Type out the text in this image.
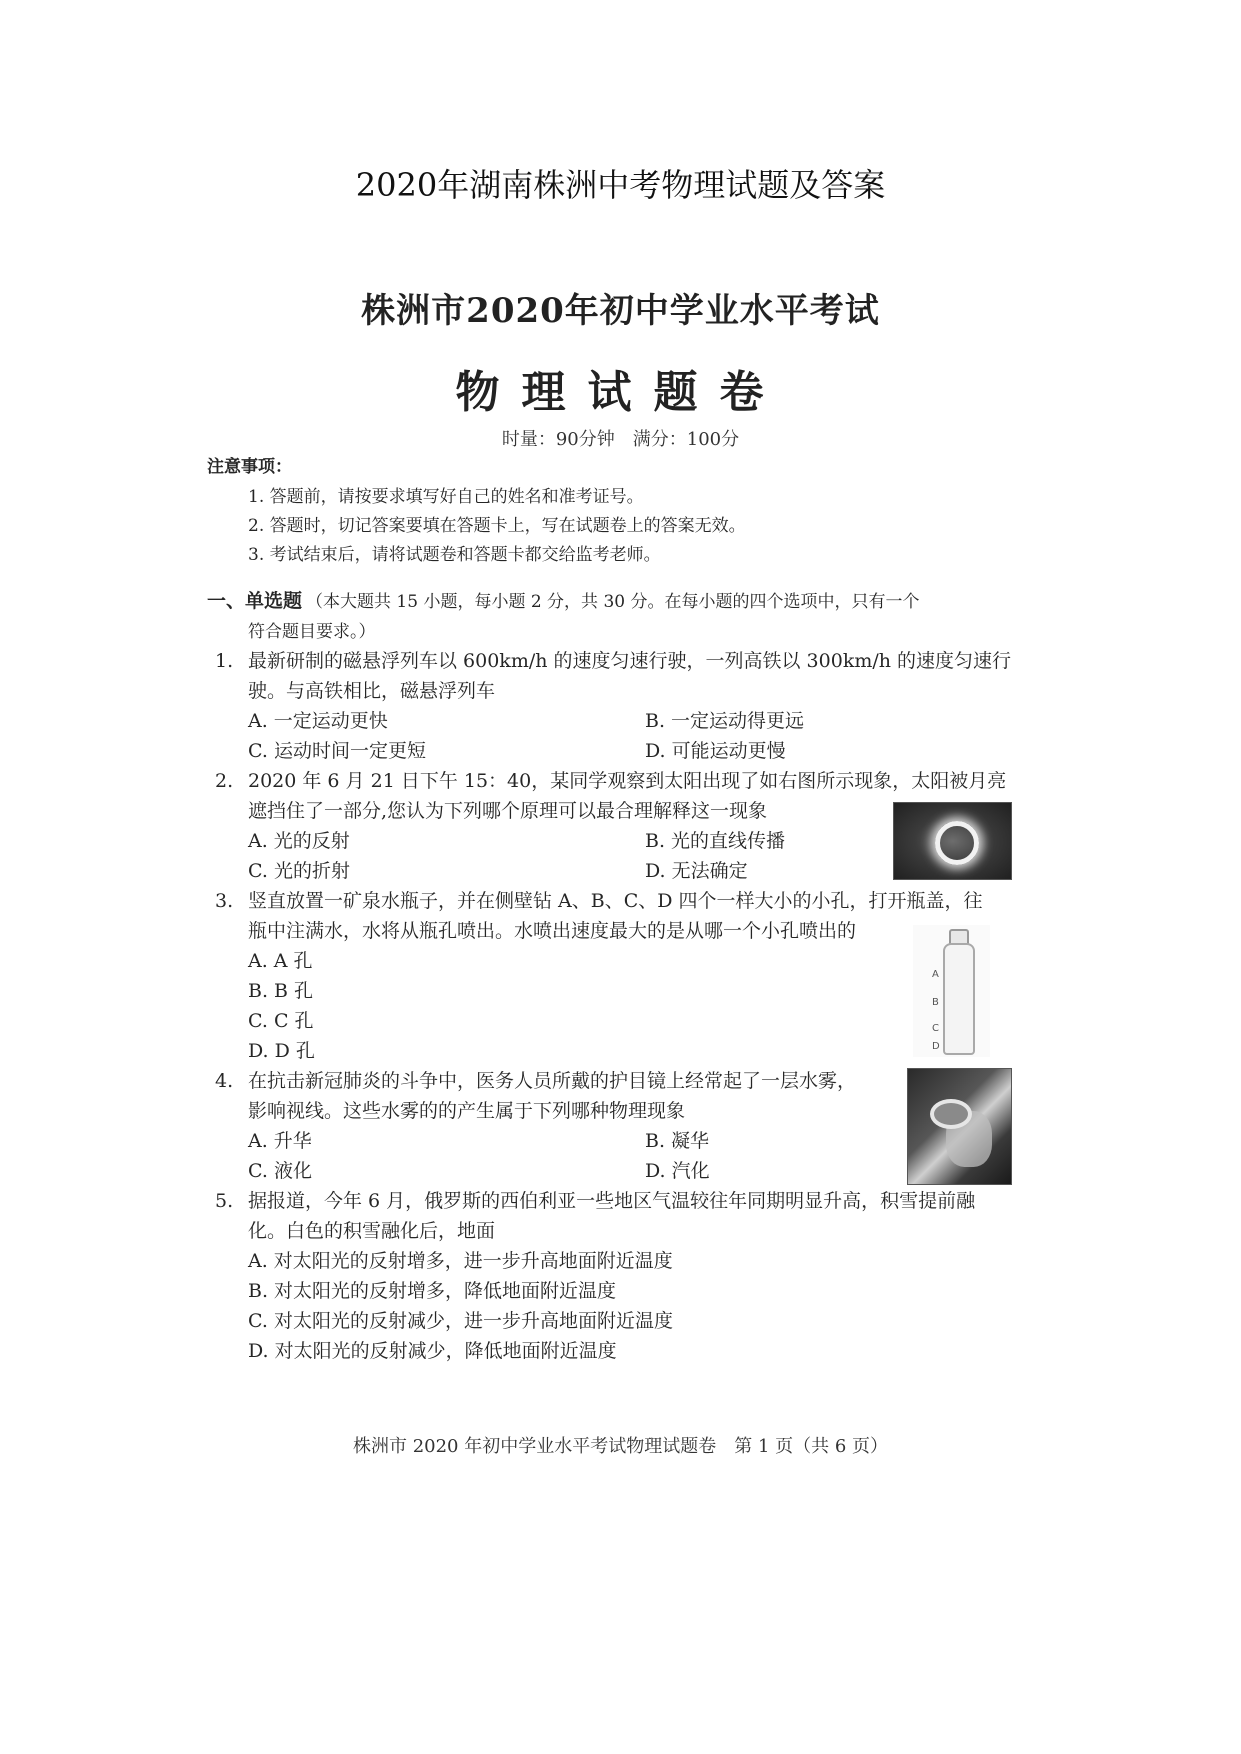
2020年湖南株洲中考物理试题及答案
株洲市2020年初中学业水平考试
物理试题卷
时量：90分钟　满分：100分
注意事项：
1. 答题前，请按要求填写好自己的姓名和准考证号。
2. 答题时，切记答案要填在答题卡上，写在试题卷上的答案无效。
3. 考试结束后，请将试题卷和答题卡都交给监考老师。
一、单选题 （本大题共 15 小题，每小题 2 分，共 30 分。在每小题的四个选项中，只有一个
符合题目要求。）
1. 最新研制的磁悬浮列车以 600km/h 的速度匀速行驶，一列高铁以 300km/h 的速度匀速行
驶。与高铁相比，磁悬浮列车
A. 一定运动更快	B. 一定运动得更远
C. 运动时间一定更短	D. 可能运动更慢
2. 2020 年 6 月 21 日下午 15：40，某同学观察到太阳出现了如右图所示现象，太阳被月亮
遮挡住了一部分,您认为下列哪个原理可以最合理解释这一现象
A. 光的反射	B. 光的直线传播
C. 光的折射	D. 无法确定
3. 竖直放置一矿泉水瓶子，并在侧壁钻 A、B、C、D 四个一样大小的小孔，打开瓶盖，往
瓶中注满水，水将从瓶孔喷出。水喷出速度最大的是从哪一个小孔喷出的
A. A 孔
B. B 孔
C. C 孔
D. D 孔
A
B
C
D
4. 在抗击新冠肺炎的斗争中，医务人员所戴的护目镜上经常起了一层水雾，
影响视线。这些水雾的的产生属于下列哪种物理现象
A. 升华	B. 凝华
C. 液化	D. 汽化
5. 据报道，今年 6 月，俄罗斯的西伯利亚一些地区气温较往年同期明显升高，积雪提前融
化。白色的积雪融化后，地面
A. 对太阳光的反射增多，进一步升高地面附近温度
B. 对太阳光的反射增多，降低地面附近温度
C. 对太阳光的反射减少，进一步升高地面附近温度
D. 对太阳光的反射减少，降低地面附近温度
株洲市 2020 年初中学业水平考试物理试题卷　第 1 页（共 6 页）
